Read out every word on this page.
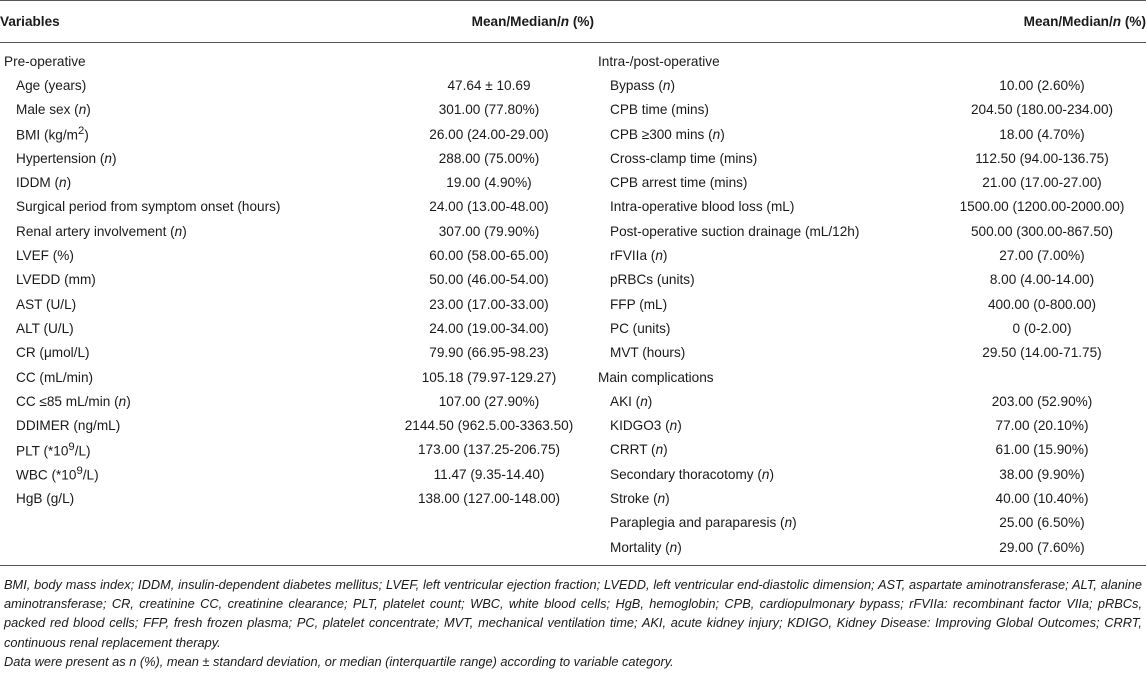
Variables	Mean/Median/n (%)		Mean/Median/n (%)
Pre-operative		Intra-/post-operative	
Age (years)	47.64 ± 10.69	Bypass (n)	10.00 (2.60%)
Male sex (n)	301.00 (77.80%)	CPB time (mins)	204.50 (180.00-234.00)
BMI $(kg/m^2)$	26.00 (24.00-29.00)	CPB ≥300 mins (n)	18.00 (4.70%)
Hypertension (n)	288.00 (75.00%)	Cross-clamp time (mins)	112.50 (94.00-136.75)
IDDM (n)	19.00 (4.90%)	CPB arrest time (mins)	21.00 (17.00-27.00)
Surgical period from symptom onset (hours)	24.00 (13.00-48.00)	Intra-operative blood loss (mL)	1500.00 (1200.00-2000.00)
Renal artery involvement (n)	307.00 (79.90%)	Post-operative suction drainage (mL/12h)	500.00 (300.00-867.50)
LVEF (%)	60.00 (58.00-65.00)	rFVIIa (n)	27.00 (7.00%)
LVEDD (mm)	50.00 (46.00-54.00)	pRBCs (units)	8.00 (4.00-14.00)
AST (U/L)	23.00 (17.00-33.00)	FFP (mL)	400.00 (0-800.00)
ALT (U/L)	24.00 (19.00-34.00)	PC (units)	0 (0-2.00)
CR (μmol/L)	79.90 (66.95-98.23)	MVT (hours)	29.50 (14.00-71.75)
CC (mL/min)	105.18 (79.97-129.27)	Main complications	
CC ≤85 mL/min (n)	107.00 (27.90%)	AKI (n)	203.00 (52.90%)
DDIMER (ng/mL)	2144.50 (962.5.00-3363.50)	KIDGO3 (n)	77.00 (20.10%)
PLT $(*10^9/L)$	173.00 (137.25-206.75)	CRRT (n)	61.00 (15.90%)
WBC $(*10^9/L)$	11.47 (9.35-14.40)	Secondary thoracotomy (n)	38.00 (9.90%)
HgB (g/L)	138.00 (127.00-148.00)	Stroke (n)	40.00 (10.40%)
		Paraplegia and paraparesis (n)	25.00 (6.50%)
		Mortality (n)	29.00 (7.60%)

BMI, body mass index; IDDM, insulin-dependent diabetes mellitus; LVEF, left ventricular ejection fraction; LVEDD, left ventricular end-diastolic dimension; AST, aspartate aminotransferase; ALT, alanine aminotransferase; CR, creatinine CC, creatinine clearance; PLT, platelet count; WBC, white blood cells; HgB, hemoglobin; CPB, cardiopulmonary bypass; rFVIIa: recombinant factor VIIa; pRBCs, packed red blood cells; FFP, fresh frozen plasma; PC, platelet concentrate; MVT, mechanical ventilation time; AKI, acute kidney injury; KDIGO, Kidney Disease: Improving Global Outcomes; CRRT, continuous renal replacement therapy.

Data were present as n (%), mean ± standard deviation, or median (interquartile range) according to variable category.
